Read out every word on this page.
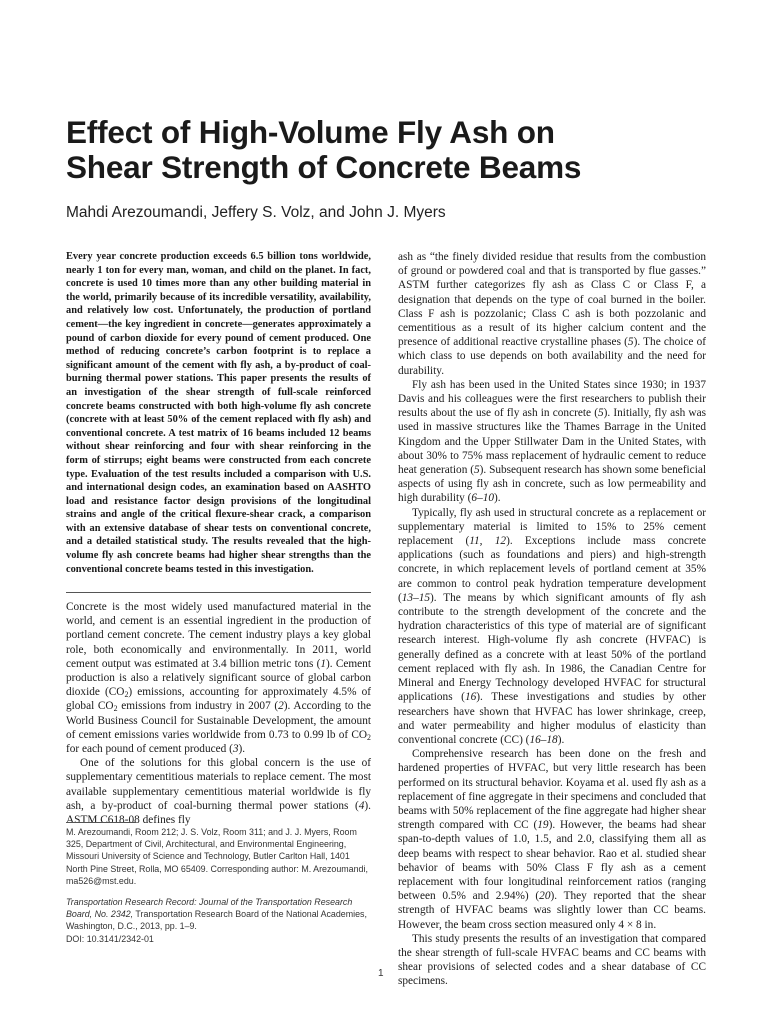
Effect of High-Volume Fly Ash on
Shear Strength of Concrete Beams

Mahdi Arezoumandi, Jeffery S. Volz, and John J. Myers

Every year concrete production exceeds 6.5 billion tons worldwide, nearly 1 ton for every man, woman, and child on the planet. In fact, concrete is used 10 times more than any other building material in the world, primarily because of its incredible versatility, availability, and relatively low cost. Unfortunately, the production of portland cement—the key ingredient in concrete—generates approximately a pound of carbon dioxide for every pound of cement produced. One method of reducing concrete’s carbon footprint is to replace a significant amount of the cement with fly ash, a by-product of coal-burning thermal power stations. This paper presents the results of an investigation of the shear strength of full-scale reinforced concrete beams constructed with both high-volume fly ash concrete (concrete with at least 50% of the cement replaced with fly ash) and conventional concrete. A test matrix of 16 beams included 12 beams without shear reinforcing and four with shear reinforcing in the form of stirrups; eight beams were constructed from each concrete type. Evaluation of the test results included a comparison with U.S. and international design codes, an examination based on AASHTO load and resistance factor design provisions of the longitudinal strains and angle of the critical flexure-shear crack, a comparison with an extensive database of shear tests on conventional concrete, and a detailed statistical study. The results revealed that the high-volume fly ash concrete beams had higher shear strengths than the conventional concrete beams tested in this investigation.

Concrete is the most widely used manufactured material in the world, and cement is an essential ingredient in the production of portland cement concrete. The cement industry plays a key global role, both economically and environmentally. In 2011, world cement output was estimated at 3.4 billion metric tons (1). Cement production is also a relatively significant source of global carbon dioxide $(CO_2)$ emissions, accounting for approximately 4.5% of global $CO_2$ emissions from industry in 2007 (2). According to the World Business Council for Sustainable Development, the amount of cement emissions varies worldwide from 0.73 to 0.99 lb of $CO_2$ for each pound of cement produced (3).

One of the solutions for this global concern is the use of supplementary cementitious materials to replace cement. The most available supplementary cementitious material worldwide is fly ash, a by-product of coal-burning thermal power stations (4). ASTM C618-08 defines fly

M. Arezoumandi, Room 212; J. S. Volz, Room 311; and J. J. Myers, Room 325, Department of Civil, Architectural, and Environmental Engineering, Missouri University of Science and Technology, Butler Carlton Hall, 1401 North Pine Street, Rolla, MO 65409. Corresponding author: M. Arezoumandi, ma526@mst.edu.

Transportation Research Record: Journal of the Transportation Research Board, No. 2342, Transportation Research Board of the National Academies, Washington, D.C., 2013, pp. 1–9.
DOI: 10.3141/2342-01

ash as “the finely divided residue that results from the combustion of ground or powdered coal and that is transported by flue gasses.” ASTM further categorizes fly ash as Class C or Class F, a designation that depends on the type of coal burned in the boiler. Class F ash is pozzolanic; Class C ash is both pozzolanic and cementitious as a result of its higher calcium content and the presence of additional reactive crystalline phases (5). The choice of which class to use depends on both availability and the need for durability.

Fly ash has been used in the United States since 1930; in 1937 Davis and his colleagues were the first researchers to publish their results about the use of fly ash in concrete (5). Initially, fly ash was used in massive structures like the Thames Barrage in the United Kingdom and the Upper Stillwater Dam in the United States, with about 30% to 75% mass replacement of hydraulic cement to reduce heat generation (5). Subsequent research has shown some beneficial aspects of using fly ash in concrete, such as low permeability and high durability (6–10).

Typically, fly ash used in structural concrete as a replacement or supplementary material is limited to 15% to 25% cement replacement (11, 12). Exceptions include mass concrete applications (such as foundations and piers) and high-strength concrete, in which replacement levels of portland cement at 35% are common to control peak hydration temperature development (13–15). The means by which significant amounts of fly ash contribute to the strength development of the concrete and the hydration characteristics of this type of material are of significant research interest. High-volume fly ash concrete (HVFAC) is generally defined as a concrete with at least 50% of the portland cement replaced with fly ash. In 1986, the Canadian Centre for Mineral and Energy Technology developed HVFAC for structural applications (16). These investigations and studies by other researchers have shown that HVFAC has lower shrinkage, creep, and water permeability and higher modulus of elasticity than conventional concrete (CC) (16–18).

Comprehensive research has been done on the fresh and hardened properties of HVFAC, but very little research has been performed on its structural behavior. Koyama et al. used fly ash as a replacement of fine aggregate in their specimens and concluded that beams with 50% replacement of the fine aggregate had higher shear strength compared with CC (19). However, the beams had shear span-to-depth values of 1.0, 1.5, and 2.0, classifying them all as deep beams with respect to shear behavior. Rao et al. studied shear behavior of beams with 50% Class F fly ash as a cement replacement with four longitudinal reinforcement ratios (ranging between 0.5% and 2.94%) (20). They reported that the shear strength of HVFAC beams was slightly lower than CC beams. However, the beam cross section measured only 4 × 8 in.

This study presents the results of an investigation that compared the shear strength of full-scale HVFAC beams and CC beams with shear provisions of selected codes and a shear database of CC specimens.

1
